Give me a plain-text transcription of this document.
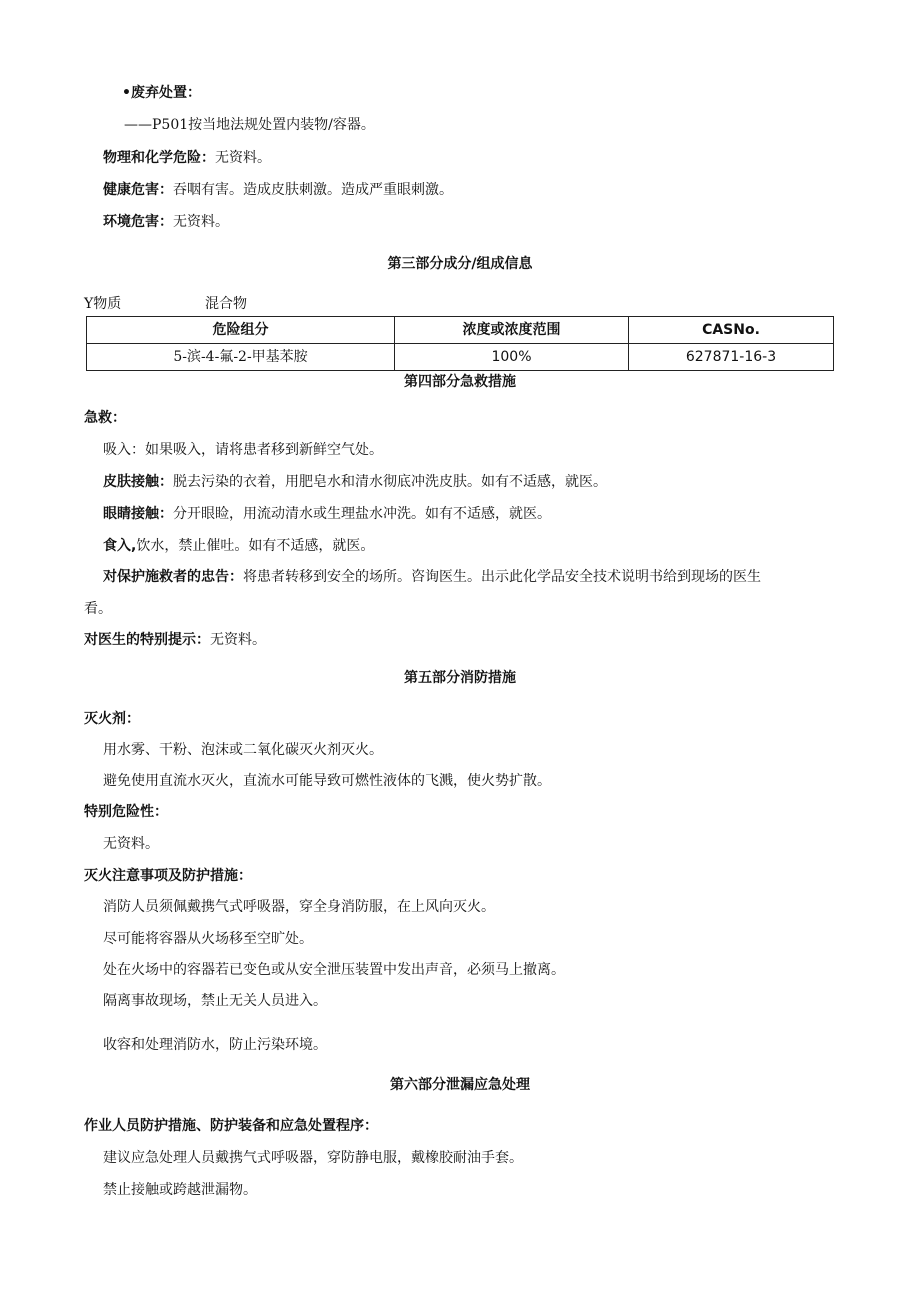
•废弃处置：
——P501按当地法规处置内装物/容器。
物理和化学危险：无资料。
健康危害：吞咽有害。造成皮肤刺激。造成严重眼刺激。
环境危害：无资料。
第三部分成分/组成信息
Y物质	混合物
危险组分	浓度或浓度范围	CASNo.
5-滨-4-氟-2-甲基苯胺	100%	627871-16-3
第四部分急救措施
急救：
吸入：如果吸入，请将患者移到新鲜空气处。
皮肤接触：脱去污染的衣着，用肥皂水和清水彻底冲洗皮肤。如有不适感，就医。
眼睛接触：分开眼睑，用流动清水或生理盐水冲洗。如有不适感，就医。
食入,饮水，禁止催吐。如有不适感，就医。
对保护施救者的忠告：将患者转移到安全的场所。咨询医生。出示此化学品安全技术说明书给到现场的医生
看。
对医生的特别提示：无资料。
第五部分消防措施
灭火剂：
用水雾、干粉、泡沫或二氧化碳灭火剂灭火。
避免使用直流水灭火，直流水可能导致可燃性液体的飞溅，使火势扩散。
特别危险性：
无资料。
灭火注意事项及防护措施：
消防人员须佩戴携气式呼吸器，穿全身消防服，在上风向灭火。
尽可能将容器从火场移至空旷处。
处在火场中的容器若已变色或从安全泄压装置中发出声音，必须马上撤离。
隔离事故现场，禁止无关人员进入。
收容和处理消防水，防止污染环境。
第六部分泄漏应急处理
作业人员防护措施、防护装备和应急处置程序：
建议应急处理人员戴携气式呼吸器，穿防静电服，戴橡胶耐油手套。
禁止接触或跨越泄漏物。
